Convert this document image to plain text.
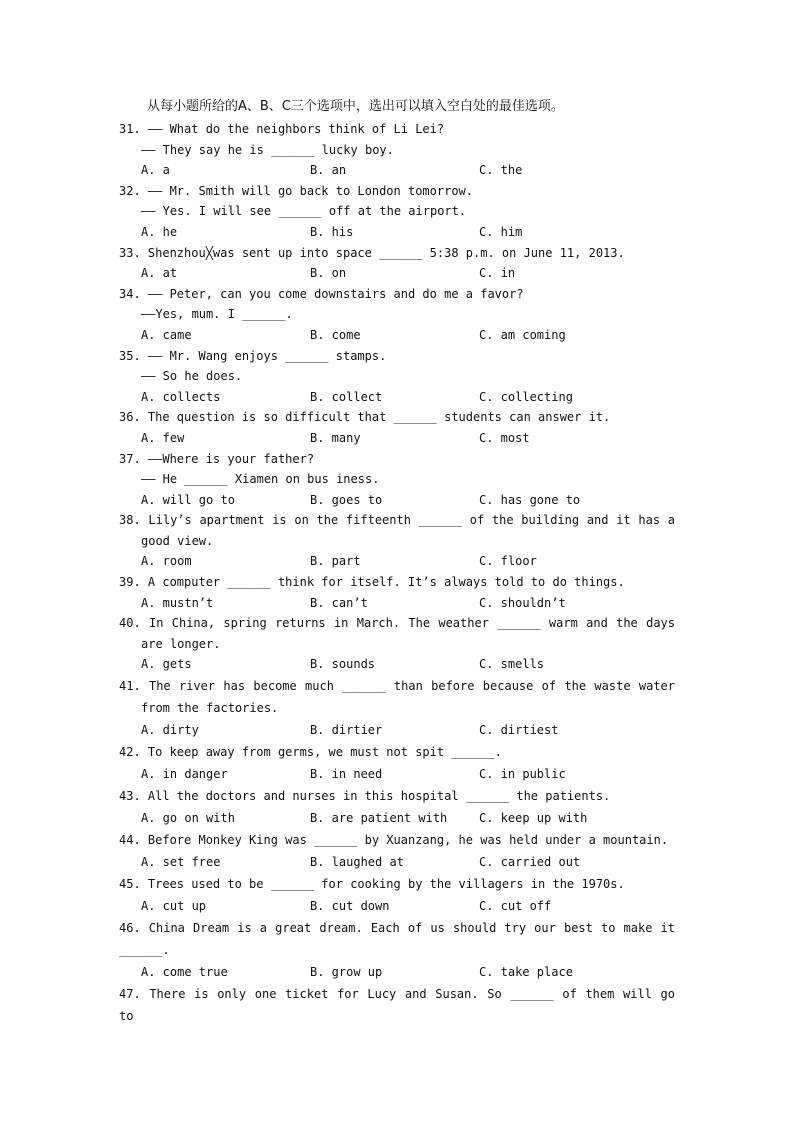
从每小题所给的A、B、C三个选项中，选出可以填入空白处的最佳选项。
31. —— What do the neighbors think of Li Lei?
—— They say he is ______ lucky boy.
A. a	B. an	C. the
32. —— Mr. Smith will go back to London tomorrow.
—— Yes. I will see ______ off at the airport.
A. he	B. his	C. him
33. Shenzhou╳was sent up into space ______ 5:38 p.m. on June 11, 2013.
A. at	B. on	C. in
34. —— Peter, can you come downstairs and do me a favor?
——Yes, mum. I ______.
A. came	B. come	C. am coming
35. —— Mr. Wang enjoys ______ stamps.
—— So he does.
A. collects	B. collect	C. collecting
36. The question is so difficult that ______ students can answer it.
A. few	B. many	C. most
37. ——Where is your father?
—— He ______ Xiamen on bus iness.
A. will go to	B. goes to	C. has gone to
38. Lily’s apartment is on the fifteenth ______ of the building and it has a
good view.
A. room	B. part	C. floor
39. A computer ______ think for itself. It’s always told to do things.
A. mustn’t	B. can’t	C. shouldn’t
40. In China, spring returns in March. The weather ______ warm and the days
are longer.
A. gets	B. sounds	C. smells
41. The river has become much ______ than before because of the waste water
from the factories.
A. dirty	B. dirtier	C. dirtiest
42. To keep away from germs, we must not spit ______.
A. in danger	B. in need	C. in public
43. All the doctors and nurses in this hospital ______ the patients.
A. go on with	B. are patient with	C. keep up with
44. Before Monkey King was ______ by Xuanzang, he was held under a mountain.
A. set free	B. laughed at	C. carried out
45. Trees used to be ______ for cooking by the villagers in the 1970s.
A. cut up	B. cut down	C. cut off
46. China Dream is a great dream. Each of us should try our best to make it
______.
A. come true	B. grow up	C. take place
47. There is only one ticket for Lucy and Susan. So ______ of them will go to
